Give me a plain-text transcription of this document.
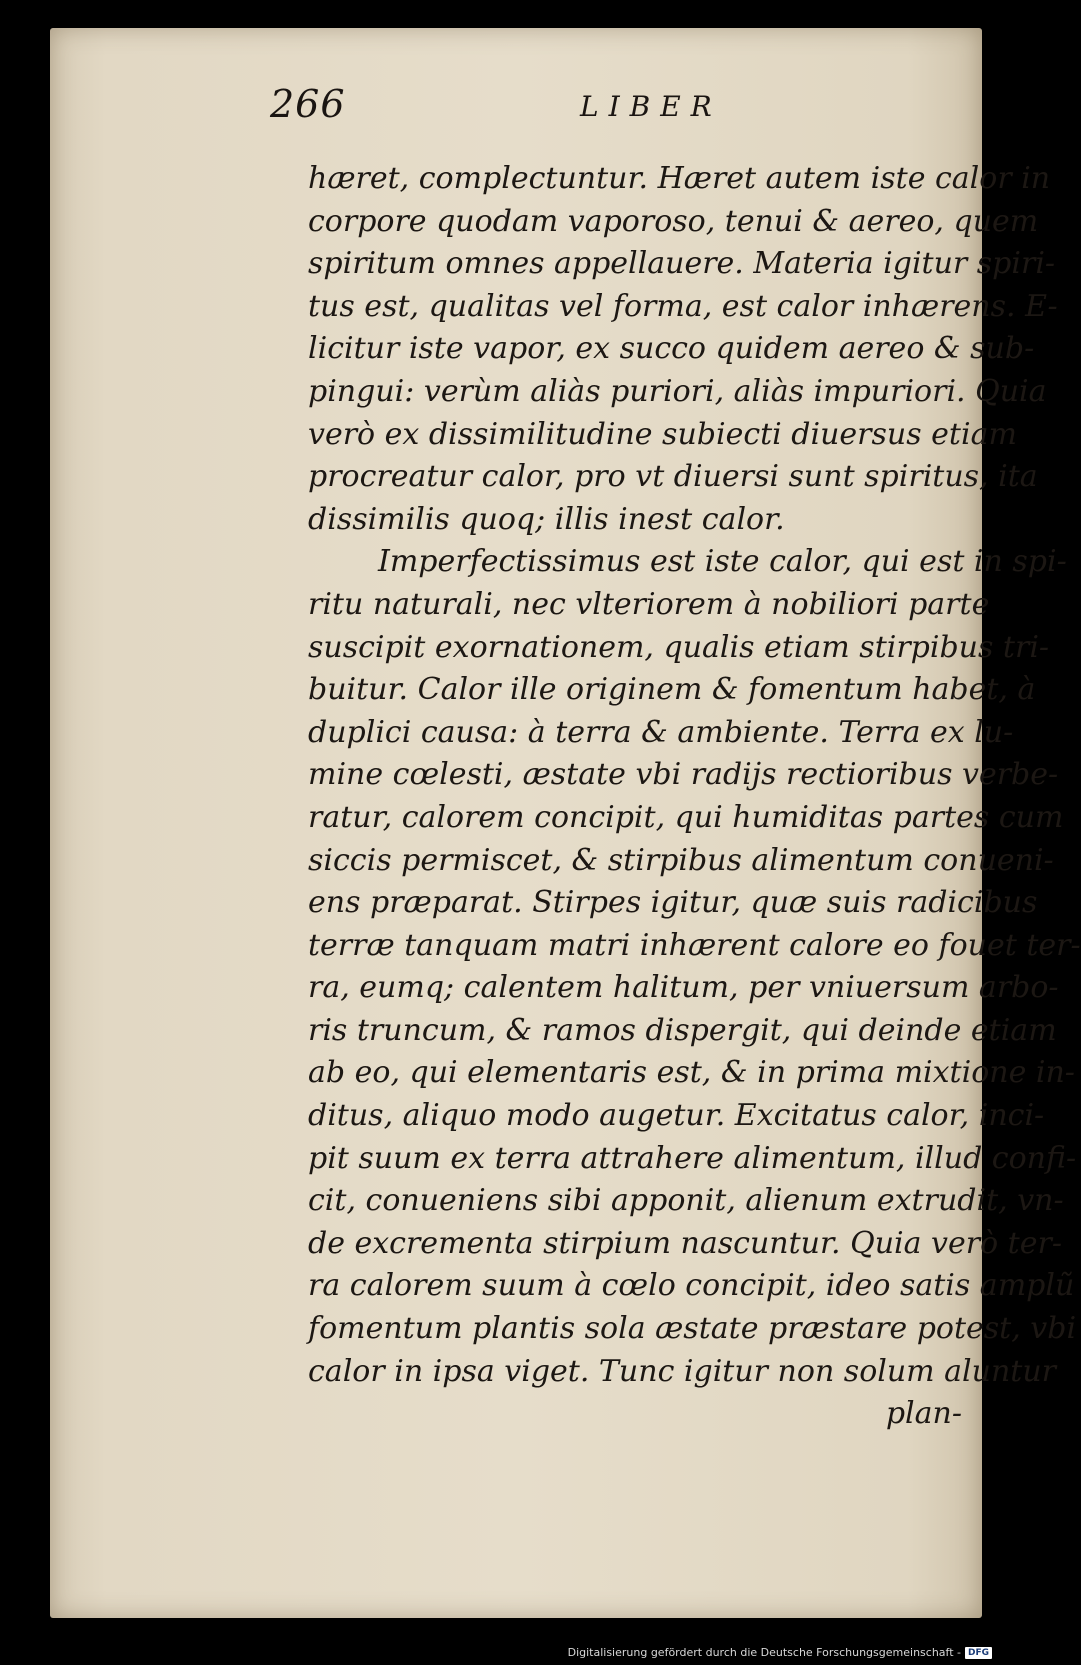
266	LIBER
hæret, complectuntur. Hæret autem iste calor in
corpore quodam vaporoso, tenui & aereo, quem
spiritum omnes appellauere. Materia igitur spiri-
tus est, qualitas vel forma, est calor inhærens. E-
licitur iste vapor, ex succo quidem aereo & sub-
pingui: verùm aliàs puriori, aliàs impuriori. Quia
verò ex dissimilitudine subiecti diuersus etiam
procreatur calor, pro vt diuersi sunt spiritus, ita
dissimilis quoq; illis inest calor.
Imperfectissimus est iste calor, qui est in spi-
ritu naturali, nec vlteriorem à nobiliori parte
suscipit exornationem, qualis etiam stirpibus tri-
buitur. Calor ille originem & fomentum habet, à
duplici causa: à terra & ambiente. Terra ex lu-
mine cœlesti, æstate vbi radijs rectioribus verbe-
ratur, calorem concipit, qui humiditas partes cum
siccis permiscet, & stirpibus alimentum conueni-
ens præparat. Stirpes igitur, quæ suis radicibus
terræ tanquam matri inhærent calore eo fouet ter-
ra, eumq; calentem halitum, per vniuersum arbo-
ris truncum, & ramos dispergit, qui deinde etiam
ab eo, qui elementaris est, & in prima mixtione in-
ditus, aliquo modo augetur. Excitatus calor, inci-
pit suum ex terra attrahere alimentum, illud confi-
cit, conueniens sibi apponit, alienum extrudit, vn-
de excrementa stirpium nascuntur. Quia verò ter-
ra calorem suum à cœlo concipit, ideo satis amplũ
fomentum plantis sola æstate præstare potest, vbi
calor in ipsa viget. Tunc igitur non solum aluntur
plan-
Digitalisierung gefördert durch die Deutsche Forschungsgemeinschaft - DFG
